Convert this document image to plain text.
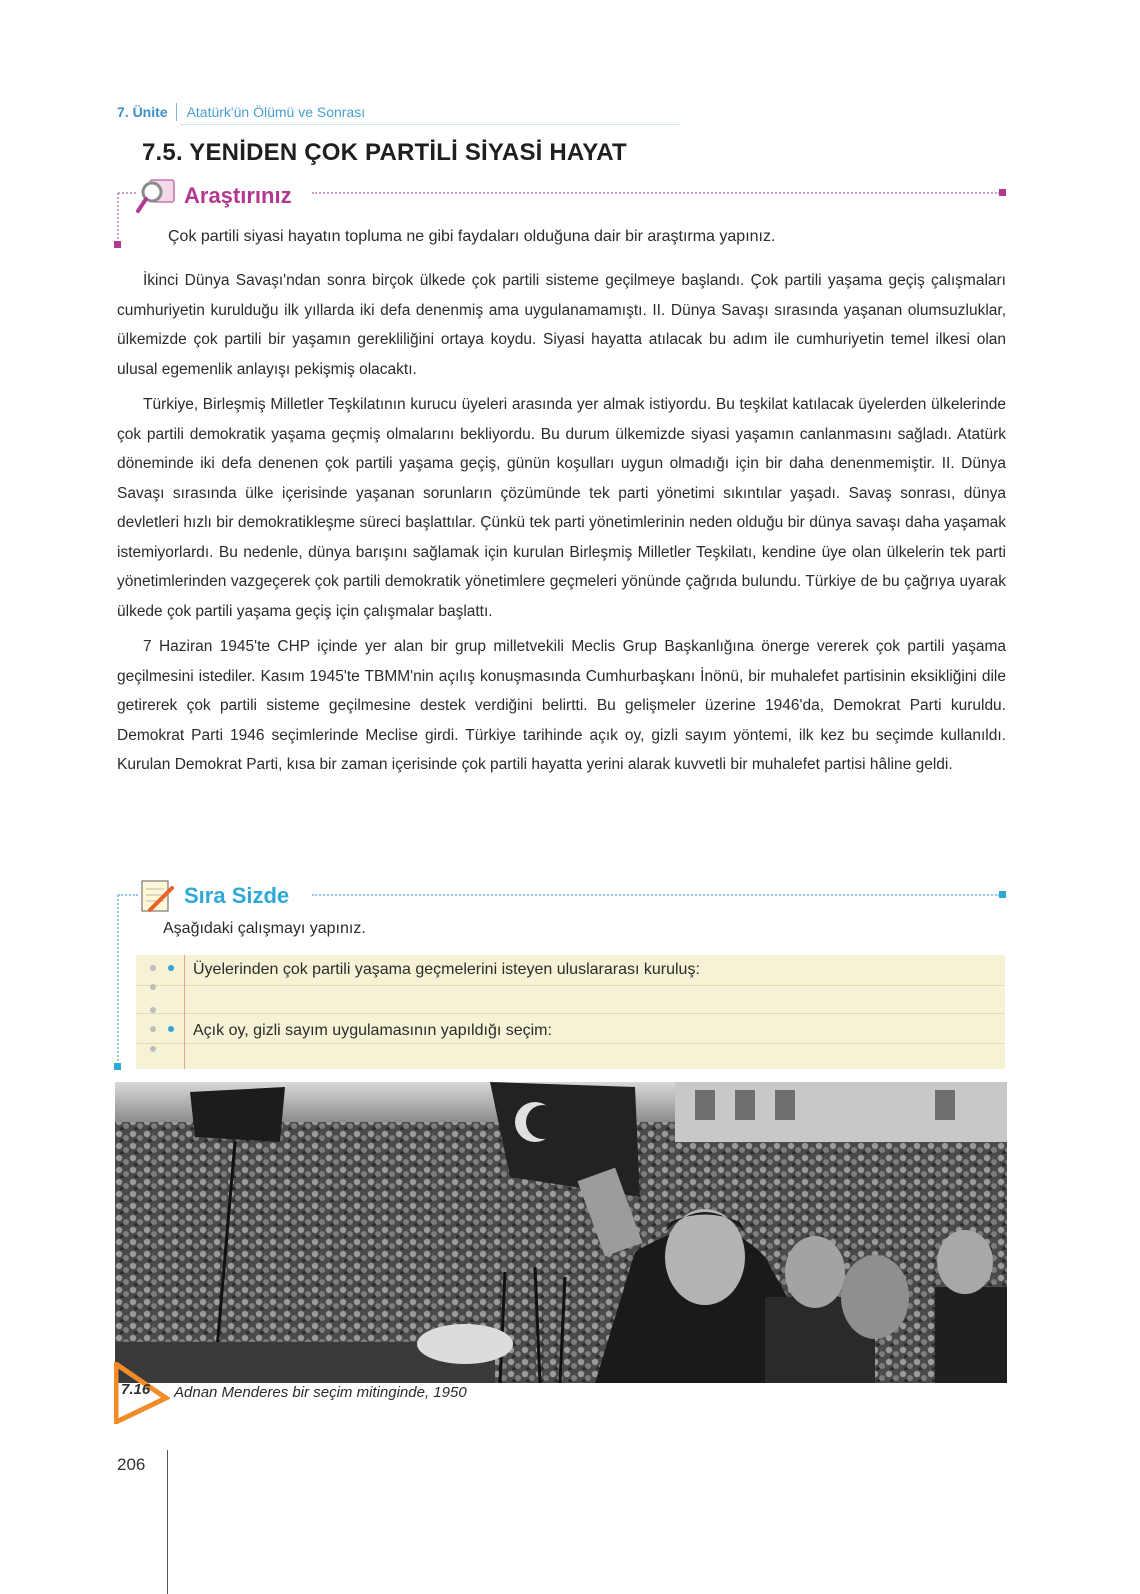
7. Ünite Atatürk'ün Ölümü ve Sonrası
7.5. YENİDEN ÇOK PARTİLİ SİYASİ HAYAT
Araştırınız
Çok partili siyasi hayatın topluma ne gibi faydaları olduğuna dair bir araştırma yapınız.

İkinci Dünya Savaşı'ndan sonra birçok ülkede çok partili sisteme geçilmeye başlandı. Çok partili yaşama geçiş çalışmaları cumhuriyetin kurulduğu ilk yıllarda iki defa denenmiş ama uygulanamamıştı. II. Dünya Savaşı sırasında yaşanan olumsuzluklar, ülkemizde çok partili bir yaşamın gerekliliğini ortaya koydu. Siyasi hayatta atılacak bu adım ile cumhuriyetin temel ilkesi olan ulusal egemenlik anlayışı pekişmiş olacaktı.

Türkiye, Birleşmiş Milletler Teşkilatının kurucu üyeleri arasında yer almak istiyordu. Bu teşkilat katılacak üyelerden ülkelerinde çok partili demokratik yaşama geçmiş olmalarını bekliyordu. Bu durum ülkemizde siyasi yaşamın canlanmasını sağladı. Atatürk döneminde iki defa denenen çok partili yaşama geçiş, günün koşulları uygun olmadığı için bir daha denenmemiştir. II. Dünya Savaşı sırasında ülke içerisinde yaşanan sorunların çözümünde tek parti yönetimi sıkıntılar yaşadı. Savaş sonrası, dünya devletleri hızlı bir demokratikleşme süreci başlattılar. Çünkü tek parti yönetimlerinin neden olduğu bir dünya savaşı daha yaşamak istemiyorlardı. Bu nedenle, dünya barışını sağlamak için kurulan Birleşmiş Milletler Teşkilatı, kendine üye olan ülkelerin tek parti yönetimlerinden vazgeçerek çok partili demokratik yönetimlere geçmeleri yönünde çağrıda bulundu. Türkiye de bu çağrıya uyarak ülkede çok partili yaşama geçiş için çalışmalar başlattı.

7 Haziran 1945'te CHP içinde yer alan bir grup milletvekili Meclis Grup Başkanlığına önerge vererek çok partili yaşama geçilmesini istediler. Kasım 1945'te TBMM'nin açılış konuşmasında Cumhurbaşkanı İnönü, bir muhalefet partisinin eksikliğini dile getirerek çok partili sisteme geçilmesine destek verdiğini belirtti. Bu gelişmeler üzerine 1946'da, Demokrat Parti kuruldu. Demokrat Parti 1946 seçimlerinde Meclise girdi. Türkiye tarihinde açık oy, gizli sayım yöntemi, ilk kez bu seçimde kullanıldı. Kurulan Demokrat Parti, kısa bir zaman içerisinde çok partili hayatta yerini alarak kuvvetli bir muhalefet partisi hâline geldi.

Sıra Sizde
Aşağıdaki çalışmayı yapınız.
Üyelerinden çok partili yaşama geçmelerini isteyen uluslararası kuruluş:
Açık oy, gizli sayım uygulamasının yapıldığı seçim:
7.16 Adnan Menderes bir seçim mitinginde, 1950
206
